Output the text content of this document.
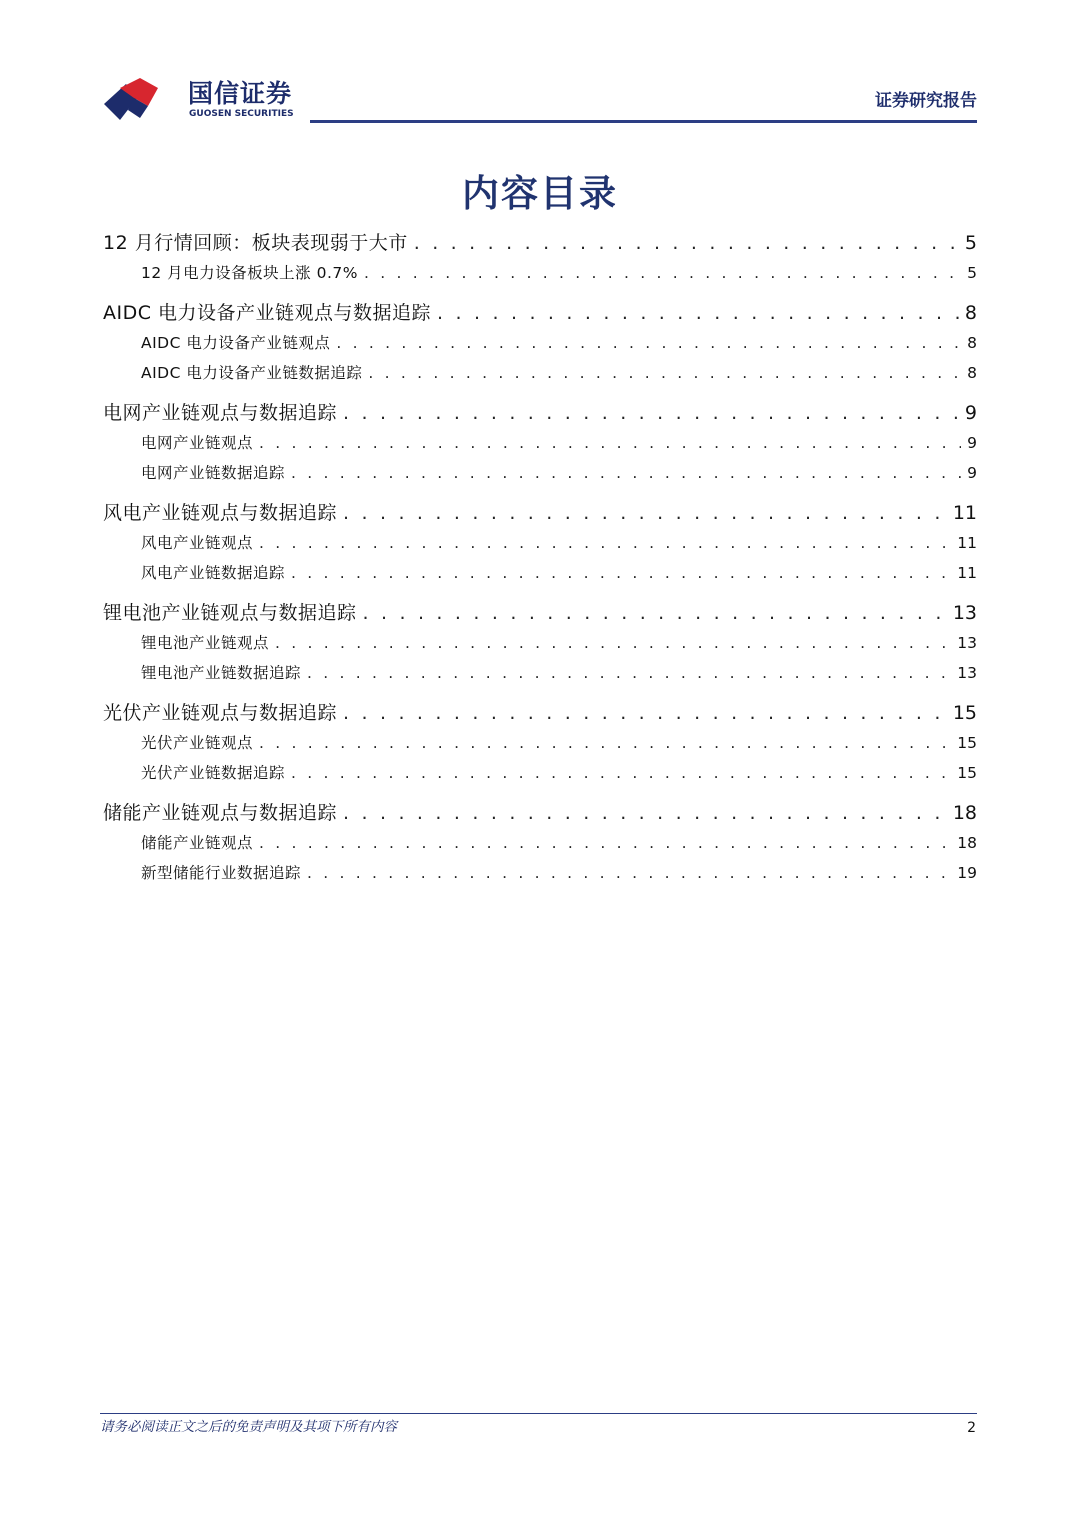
国信证券
GUOSEN SECURITIES
证券研究报告
内容目录
12 月行情回顾：板块表现弱于大市 . . .	5
12 月电力设备板块上涨 0.7% . . .	5
AIDC 电力设备产业链观点与数据追踪 . . .	8
AIDC 电力设备产业链观点 . . .	8
AIDC 电力设备产业链数据追踪 . . .	8
电网产业链观点与数据追踪 . . .	9
电网产业链观点 . . .	9
电网产业链数据追踪 . . .	9
风电产业链观点与数据追踪 . . .	11
风电产业链观点 . . .	11
风电产业链数据追踪 . . .	11
锂电池产业链观点与数据追踪 . . .	13
锂电池产业链观点 . . .	13
锂电池产业链数据追踪 . . .	13
光伏产业链观点与数据追踪 . . .	15
光伏产业链观点 . . .	15
光伏产业链数据追踪 . . .	15
储能产业链观点与数据追踪 . . .	18
储能产业链观点 . . .	18
新型储能行业数据追踪 . . .	19
请务必阅读正文之后的免责声明及其项下所有内容	2
